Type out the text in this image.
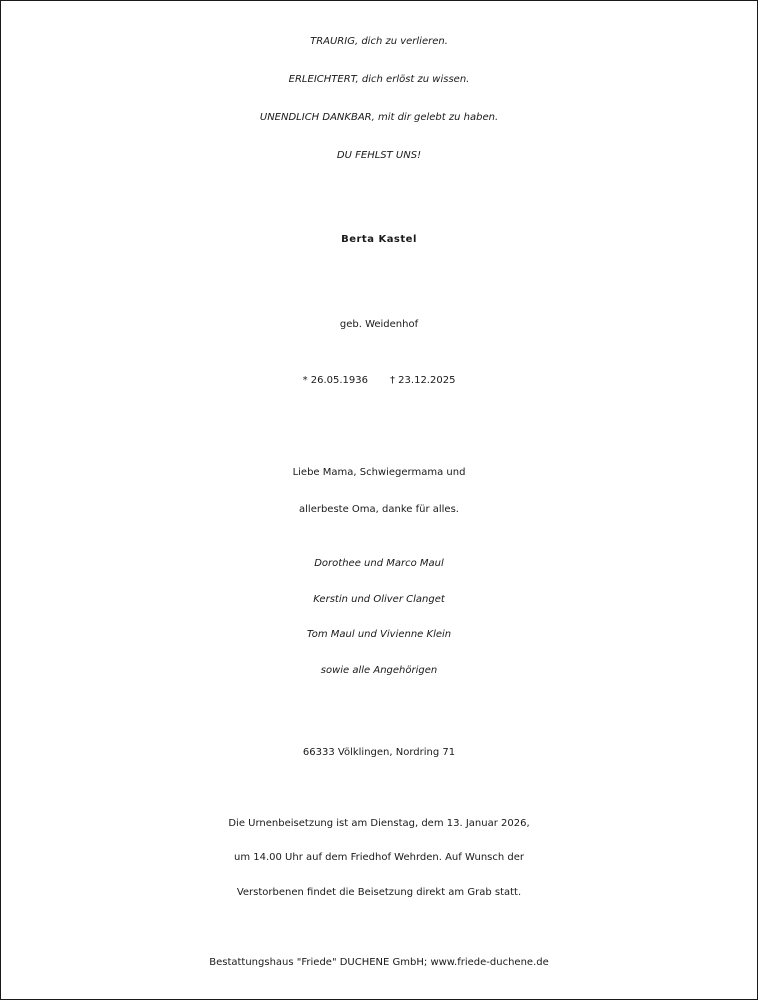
TRAURIG, dich zu verlieren.
ERLEICHTERT, dich erlöst zu wissen.
UNENDLICH DANKBAR, mit dir gelebt zu haben.
DU FEHLST UNS!
Berta Kastel
geb. Weidenhof
* 26.05.1936 † 23.12.2025
Liebe Mama, Schwiegermama und
allerbeste Oma, danke für alles.
Dorothee und Marco Maul
Kerstin und Oliver Clanget
Tom Maul und Vivienne Klein
sowie alle Angehörigen
66333 Völklingen, Nordring 71
Die Urnenbeisetzung ist am Dienstag, dem 13. Januar 2026,
um 14.00 Uhr auf dem Friedhof Wehrden. Auf Wunsch der
Verstorbenen findet die Beisetzung direkt am Grab statt.
Bestattungshaus "Friede" DUCHENE GmbH; www.friede-duchene.de
